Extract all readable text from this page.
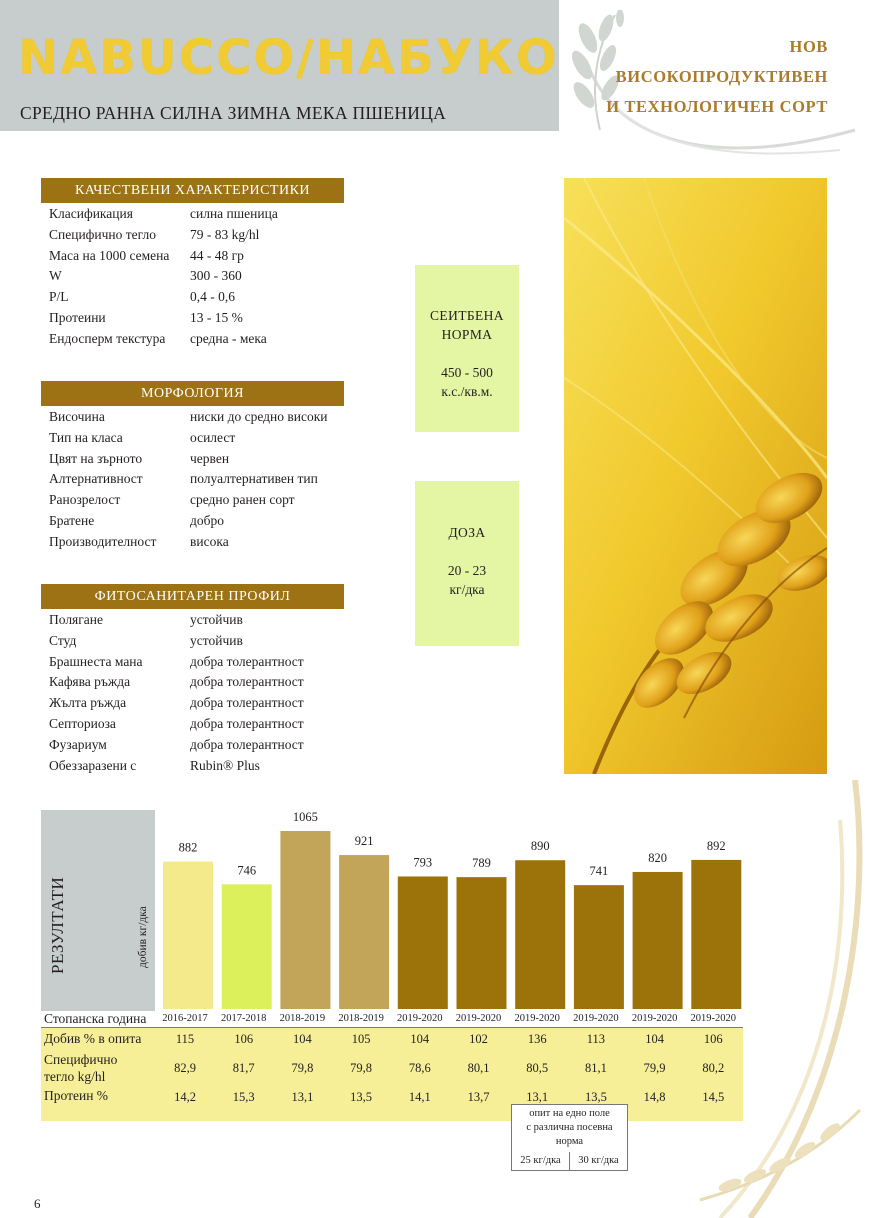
NABUCCO/НАБУКО
СРЕДНО РАННА СИЛНА ЗИМНА МЕКА ПШЕНИЦА
НОВ
ВИСОКОПРОДУКТИВЕН
И ТЕХНОЛОГИЧЕН СОРТ
КАЧЕСТВЕНИ ХАРАКТЕРИСТИКИ
Класификация	силна пшеница
Специфично тегло	79 - 83 kg/hl
Маса на 1000 семена	44 - 48 гр
W	300 - 360
P/L	0,4 - 0,6
Протеини	13 - 15 %
Ендосперм текстура	средна - мека
МОРФОЛОГИЯ
Височина	ниски до средно високи
Тип на класа	осилест
Цвят на зърното	червен
Алтернативност	полуалтернативен тип
Ранозрелост	средно ранен сорт
Братене	добро
Производителност	висока
ФИТОСАНИТАРЕН ПРОФИЛ
Полягане	устойчив
Студ	устойчив
Брашнеста мана	добра толерантност
Кафява ръжда	добра толерантност
Жълта ръжда	добра толерантност
Септориоза	добра толерантност
Фузариум	добра толерантност
Обеззаразени с	Rubin® Plus
СЕИТБЕНА
НОРМА
450 - 500
к.с./кв.м.
ДОЗА
20 - 23
кг/дка
РЕЗУЛТАТИ	добив кг/дка
882
746
1065
921
793	789
890
741
820
892
Стопанска година
Добив % в опита
Специфично
тегло kg/hl
Протеин %
2016-2017	2017-2018	2018-2019	2018-2019	2019-2020	2019-2020	2019-2020	2019-2020	2019-2020	2019-2020
115	106	104	105	104	102	136	113	104	106
82,9	81,7	79,8	79,8	78,6	80,1	80,5	81,1	79,9	80,2
14,2	15,3	13,1	13,5	14,1	13,7	13,1	13,5	14,8	14,5
опит на едно поле
с различна посевна
норма
25 кг/дка	30 кг/дка
6
